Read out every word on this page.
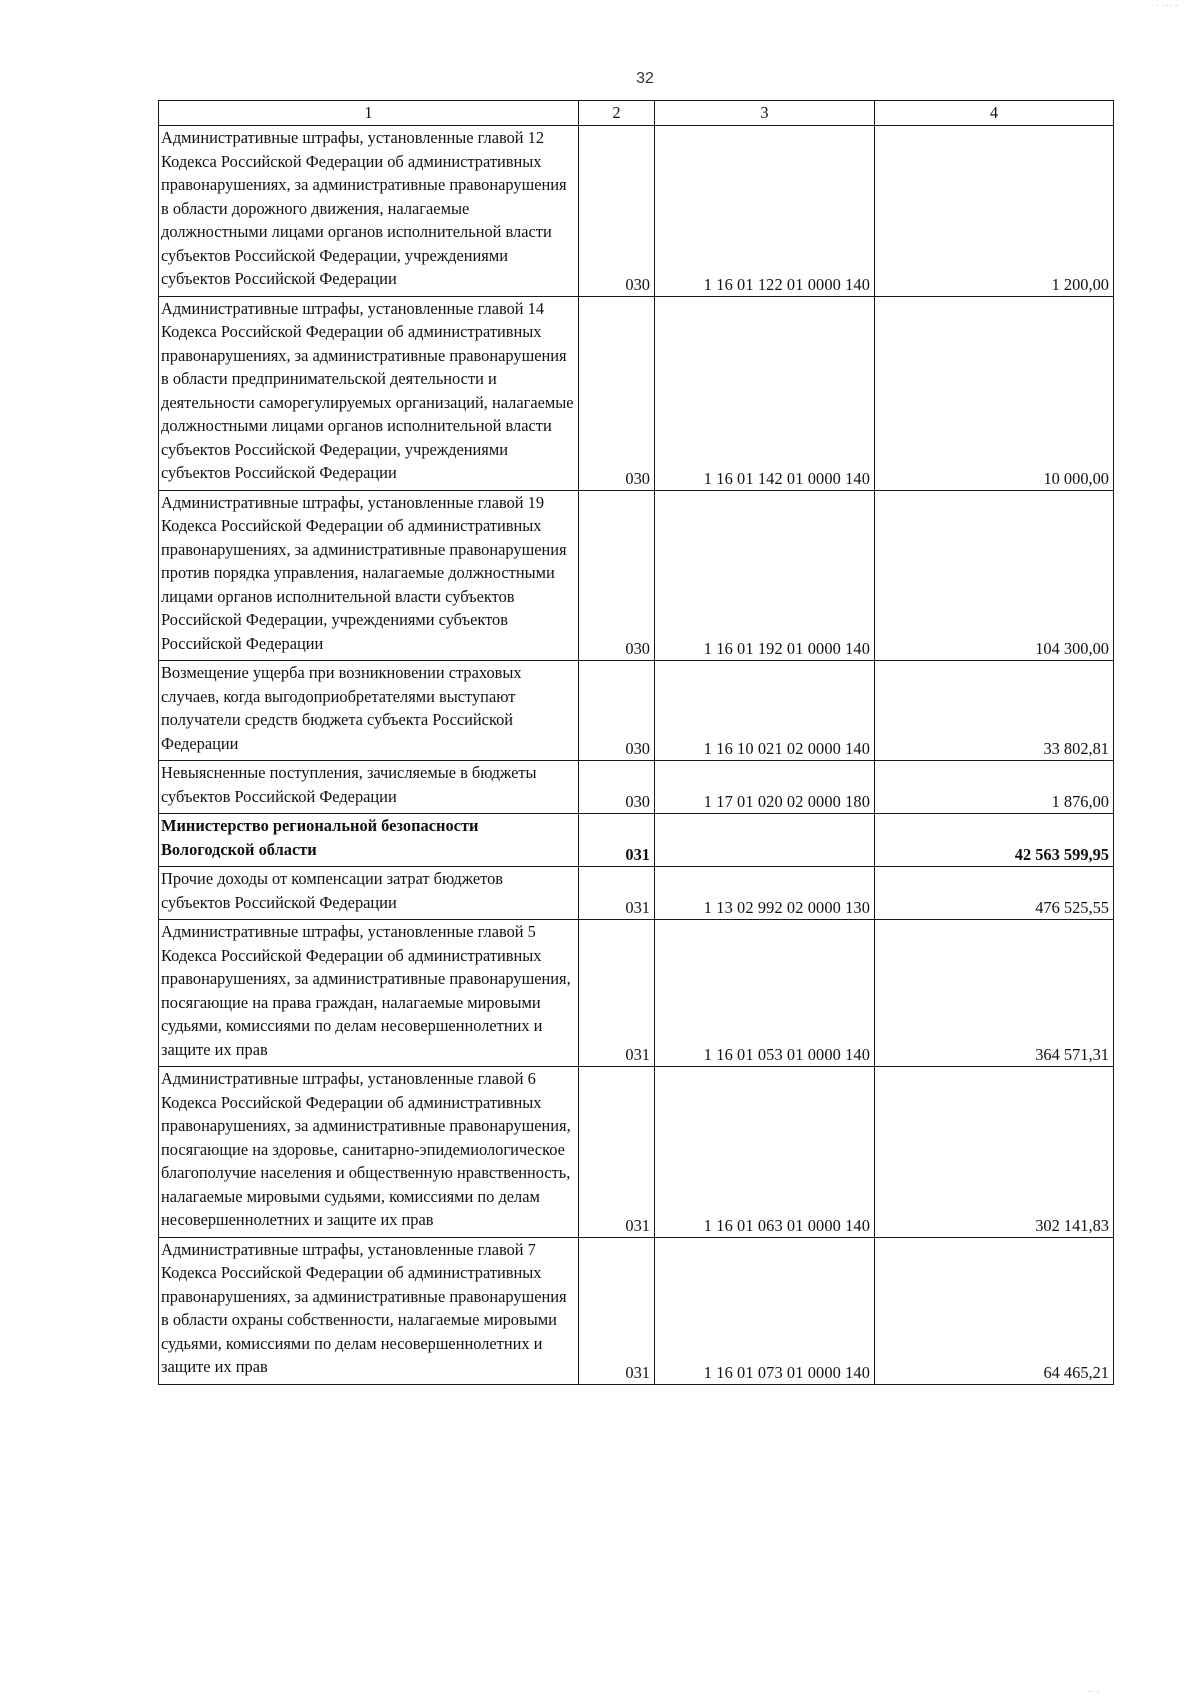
· ··· ·
32
1	2	3	4
Административные штрафы, установленные главой 12 Кодекса Российской Федерации об административных правонарушениях, за административные правонарушения в области дорожного движения, налагаемые должностными лицами органов исполнительной власти субъектов Российской Федерации, учреждениями субъектов Российской Федерации	030	1 16 01 122 01 0000 140	1 200,00
Административные штрафы, установленные главой 14 Кодекса Российской Федерации об административных правонарушениях, за административные правонарушения в области предпринимательской деятельности и деятельности саморегулируемых организаций, налагаемые должностными лицами органов исполнительной власти субъектов Российской Федерации, учреждениями субъектов Российской Федерации	030	1 16 01 142 01 0000 140	10 000,00
Административные штрафы, установленные главой 19 Кодекса Российской Федерации об административных правонарушениях, за административные правонарушения против порядка управления, налагаемые должностными лицами органов исполнительной власти субъектов Российской Федерации, учреждениями субъектов Российской Федерации	030	1 16 01 192 01 0000 140	104 300,00
Возмещение ущерба при возникновении страховых случаев, когда выгодоприобретателями выступают получатели средств бюджета субъекта Российской Федерации	030	1 16 10 021 02 0000 140	33 802,81
Невыясненные поступления, зачисляемые в бюджеты субъектов Российской Федерации	030	1 17 01 020 02 0000 180	1 876,00
Министерство региональной безопасности Вологодской области	031		42 563 599,95
Прочие доходы от компенсации затрат бюджетов субъектов Российской Федерации	031	1 13 02 992 02 0000 130	476 525,55
Административные штрафы, установленные главой 5 Кодекса Российской Федерации об административных правонарушениях, за административные правонарушения, посягающие на права граждан, налагаемые мировыми судьями, комиссиями по делам несовершеннолетних и защите их прав	031	1 16 01 053 01 0000 140	364 571,31
Административные штрафы, установленные главой 6 Кодекса Российской Федерации об административных правонарушениях, за административные правонарушения, посягающие на здоровье, санитарно-эпидемиологическое благополучие населения и общественную нравственность, налагаемые мировыми судьями, комиссиями по делам несовершеннолетних и защите их прав	031	1 16 01 063 01 0000 140	302 141,83
Административные штрафы, установленные главой 7 Кодекса Российской Федерации об административных правонарушениях, за административные правонарушения в области охраны собственности, налагаемые мировыми судьями, комиссиями по делам несовершеннолетних и защите их прав	031	1 16 01 073 01 0000 140	64 465,21
·· ·
